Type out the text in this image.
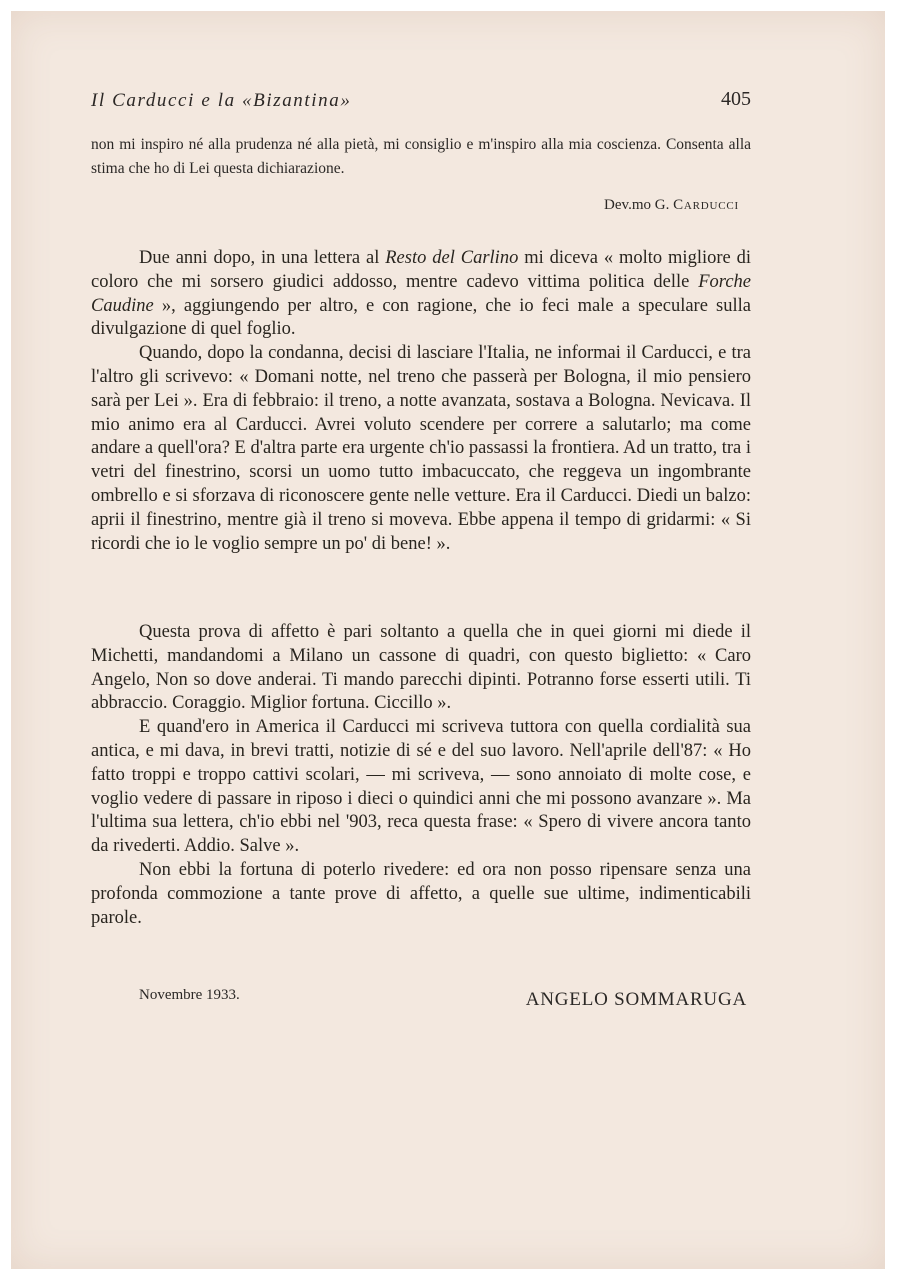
Il Carducci e la «Bizantina»	405

non mi inspiro né alla prudenza né alla pietà, mi consiglio e m'inspiro alla mia coscienza. Consenta alla stima che ho di Lei questa dichiarazione.

Dev.mo G. Carducci

Due anni dopo, in una lettera al Resto del Carlino mi diceva « molto migliore di coloro che mi sorsero giudici addosso, mentre cadevo vittima politica delle Forche Caudine », aggiungendo per altro, e con ragione, che io feci male a speculare sulla divulgazione di quel foglio.

Quando, dopo la condanna, decisi di lasciare l'Italia, ne informai il Carducci, e tra l'altro gli scrivevo: « Domani notte, nel treno che passerà per Bologna, il mio pensiero sarà per Lei ». Era di febbraio: il treno, a notte avanzata, sostava a Bologna. Nevicava. Il mio animo era al Carducci. Avrei voluto scendere per correre a salutarlo; ma come andare a quell'ora? E d'altra parte era urgente ch'io passassi la frontiera. Ad un tratto, tra i vetri del finestrino, scorsi un uomo tutto imbacuccato, che reggeva un ingombrante ombrello e si sforzava di riconoscere gente nelle vetture. Era il Carducci. Diedi un balzo: aprii il finestrino, mentre già il treno si moveva. Ebbe appena il tempo di gridarmi: « Si ricordi che io le voglio sempre un po' di bene! ».

Questa prova di affetto è pari soltanto a quella che in quei giorni mi diede il Michetti, mandandomi a Milano un cassone di quadri, con questo biglietto: « Caro Angelo, Non so dove anderai. Ti mando parecchi dipinti. Potranno forse esserti utili. Ti abbraccio. Coraggio. Miglior fortuna. Ciccillo ».

E quand'ero in America il Carducci mi scriveva tuttora con quella cordialità sua antica, e mi dava, in brevi tratti, notizie di sé e del suo lavoro. Nell'aprile dell'87: « Ho fatto troppi e troppo cattivi scolari, — mi scriveva, — sono annoiato di molte cose, e voglio vedere di passare in riposo i dieci o quindici anni che mi possono avanzare ». Ma l'ultima sua lettera, ch'io ebbi nel '903, reca questa frase: « Spero di vivere ancora tanto da rivederti. Addio. Salve ».

Non ebbi la fortuna di poterlo rivedere: ed ora non posso ripensare senza una profonda commozione a tante prove di affetto, a quelle sue ultime, indimenticabili parole.

Novembre 1933.	ANGELO SOMMARUGA
